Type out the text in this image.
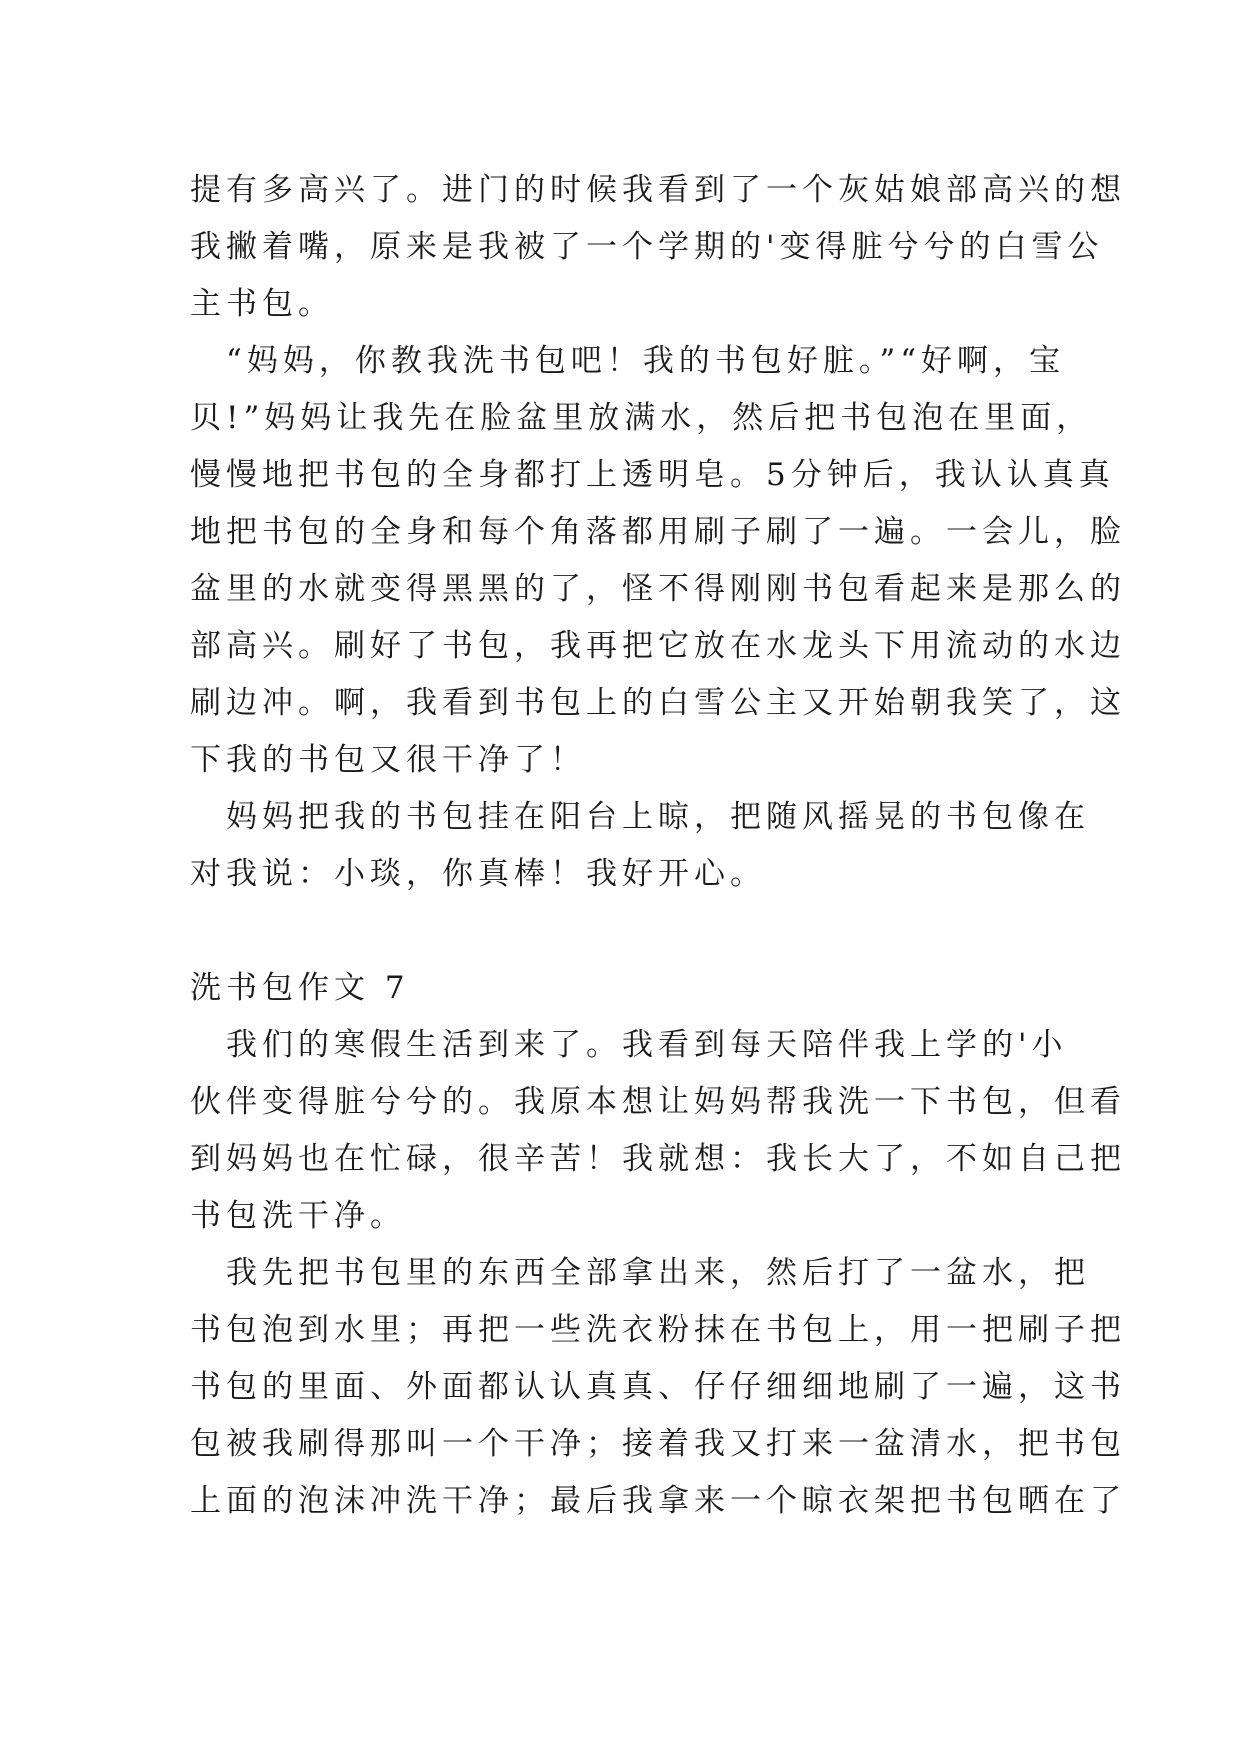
提有多高兴了。进门的时候我看到了一个灰姑娘部高兴的想
我撇着嘴，原来是我被了一个学期的'变得脏兮兮的白雪公
主书包。
　“妈妈，你教我洗书包吧！我的书包好脏。”“好啊，宝
贝!”妈妈让我先在脸盆里放满水，然后把书包泡在里面，
慢慢地把书包的全身都打上透明皂。5分钟后，我认认真真
地把书包的全身和每个角落都用刷子刷了一遍。一会儿，脸
盆里的水就变得黑黑的了，怪不得刚刚书包看起来是那么的
部高兴。刷好了书包，我再把它放在水龙头下用流动的水边
刷边冲。啊，我看到书包上的白雪公主又开始朝我笑了，这
下我的书包又很干净了！
　妈妈把我的书包挂在阳台上晾，把随风摇晃的书包像在
对我说：小琰，你真棒！我好开心。
洗书包作文 7
　我们的寒假生活到来了。我看到每天陪伴我上学的'小
伙伴变得脏兮兮的。我原本想让妈妈帮我洗一下书包，但看
到妈妈也在忙碌，很辛苦！我就想：我长大了，不如自己把
书包洗干净。
　我先把书包里的东西全部拿出来，然后打了一盆水，把
书包泡到水里；再把一些洗衣粉抹在书包上，用一把刷子把
书包的里面、外面都认认真真、仔仔细细地刷了一遍，这书
包被我刷得那叫一个干净；接着我又打来一盆清水，把书包
上面的泡沫冲洗干净；最后我拿来一个晾衣架把书包晒在了
